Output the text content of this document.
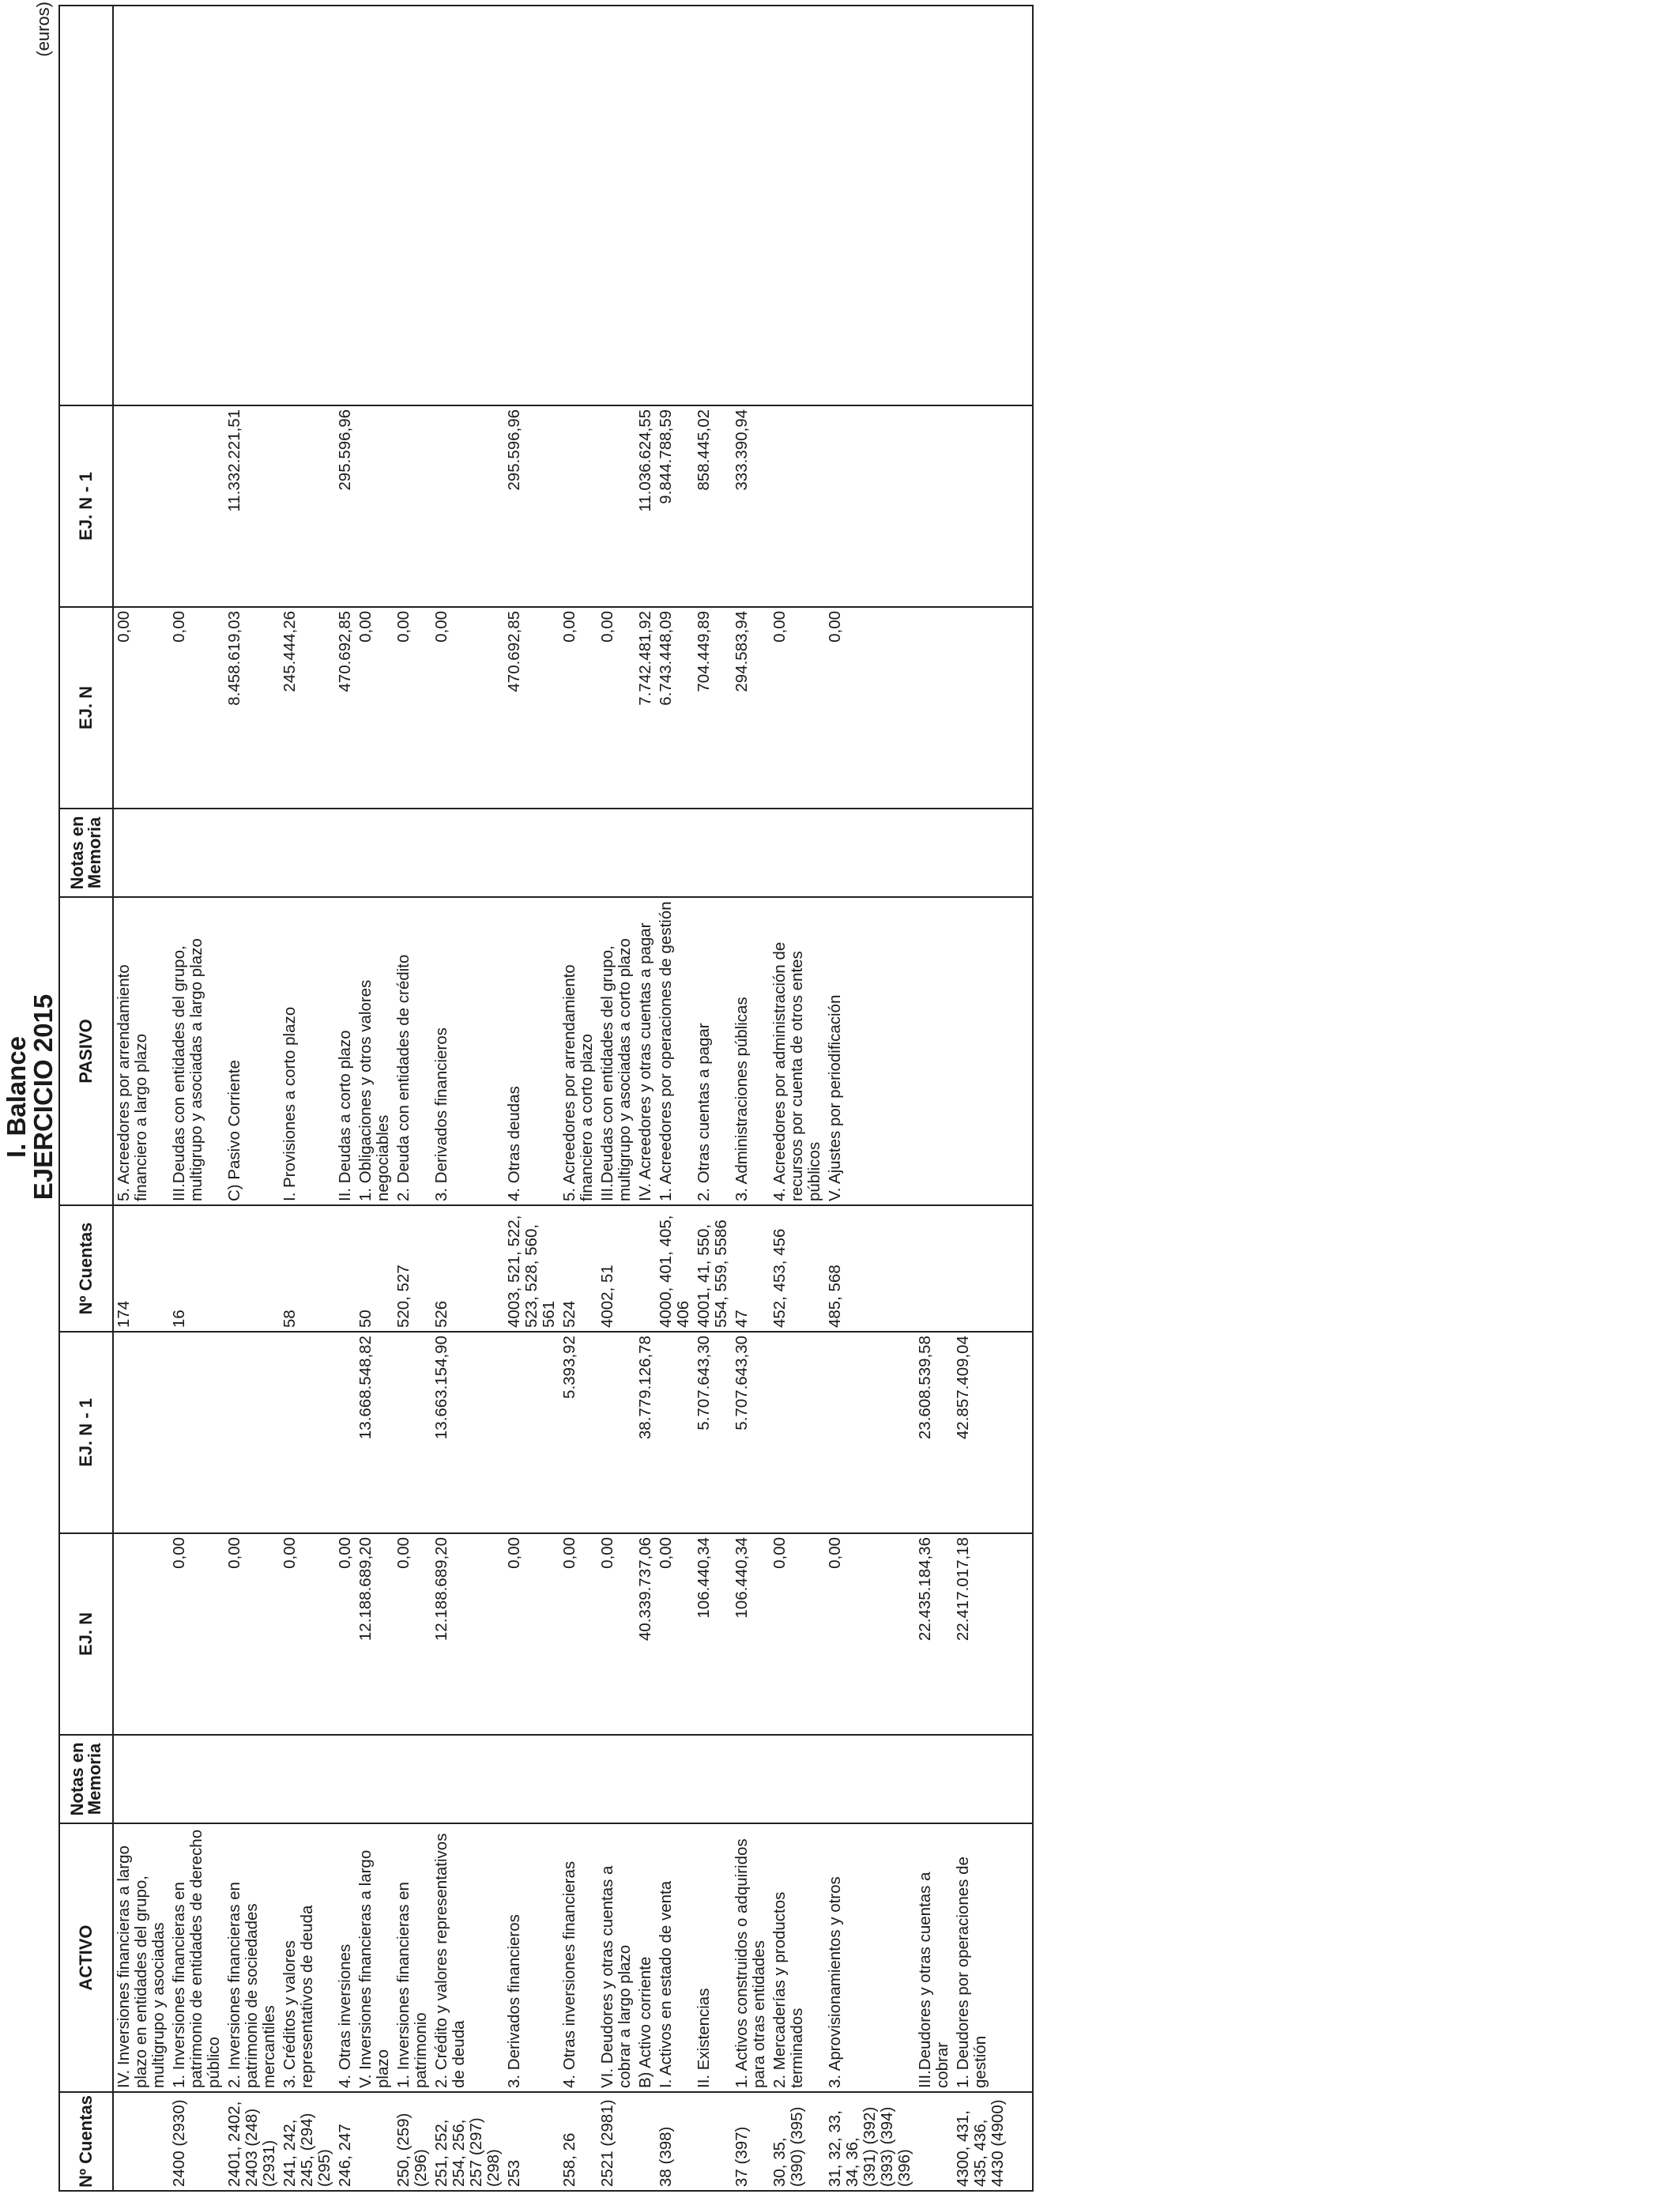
I. Balance
EJERCICIO 2015
(euros)
Nº Cuentas	ACTIVO	Notas en Memoria	EJ. N	EJ. N - 1	Nº Cuentas	PASIVO	Notas en Memoria	EJ. N	EJ. N - 1	
	IV. Inversiones financieras a largo plazo en entidades del grupo, multigrupo y asociadas				174	5. Acreedores por arrendamiento financiero a largo plazo		0,00		
2400 (2930)	1. Inversiones financieras en patrimonio de entidades de derecho público		0,00		16	III.Deudas con entidades del grupo, multigrupo y asociadas a largo plazo		0,00		
2401, 2402, 2403 (248) (2931)	2. Inversiones financieras en patrimonio de sociedades mercantiles		0,00			C) Pasivo Corriente		8.458.619,03	11.332.221,51	
241, 242, 245, (294) (295)	3. Créditos y valores representativos de deuda		0,00		58	I. Provisiones a corto plazo		245.444,26		
246, 247	4. Otras inversiones		0,00			II. Deudas a corto plazo		470.692,85	295.596,96	
	V. Inversiones financieras a largo plazo		12.188.689,20	13.668.548,82	50	1. Obligaciones y otros valores negociables		0,00		
250, (259) (296)	1. Inversiones financieras en patrimonio		0,00		520, 527	2. Deuda con entidades de crédito		0,00		
251, 252, 254, 256, 257 (297) (298)	2. Crédito y valores representativos de deuda		12.188.689,20	13.663.154,90	526	3. Derivados financieros		0,00		
253	3. Derivados financieros		0,00		4003, 521, 522, 523, 528, 560, 561	4. Otras deudas		470.692,85	295.596,96	
258, 26	4. Otras inversiones financieras		0,00	5.393,92	524	5. Acreedores por arrendamiento financiero a corto plazo		0,00		
2521 (2981)	VI. Deudores y otras cuentas a cobrar a largo plazo		0,00		4002, 51	III.Deudas con entidades del grupo, multigrupo y asociadas a corto plazo		0,00		
	B) Activo corriente		40.339.737,06	38.779.126,78		IV. Acreedores y otras cuentas a pagar		7.742.481,92	11.036.624,55	
38 (398)	I. Activos en estado de venta		0,00		4000, 401, 405, 406	1. Acreedores por operaciones de gestión		6.743.448,09	9.844.788,59	
	II. Existencias		106.440,34	5.707.643,30	4001, 41, 550, 554, 559, 5586	2. Otras cuentas a pagar		704.449,89	858.445,02	
37 (397)	1. Activos construidos o adquiridos para otras entidades		106.440,34	5.707.643,30	47	3. Administraciones públicas		294.583,94	333.390,94	
30, 35, (390) (395)	2. Mercaderías y productos terminados		0,00		452, 453, 456	4. Acreedores por administración de recursos por cuenta de otros entes públicos		0,00		
31, 32, 33, 34, 36, (391) (392) (393) (394) (396)	3. Aprovisionamientos y otros		0,00		485, 568	V. Ajustes por periodificación		0,00		
	III.Deudores y otras cuentas a cobrar		22.435.184,36	23.608.539,58						
4300, 431, 435, 436, 4430 (4900)	1. Deudores por operaciones de gestión		22.417.017,18	42.857.409,04						
